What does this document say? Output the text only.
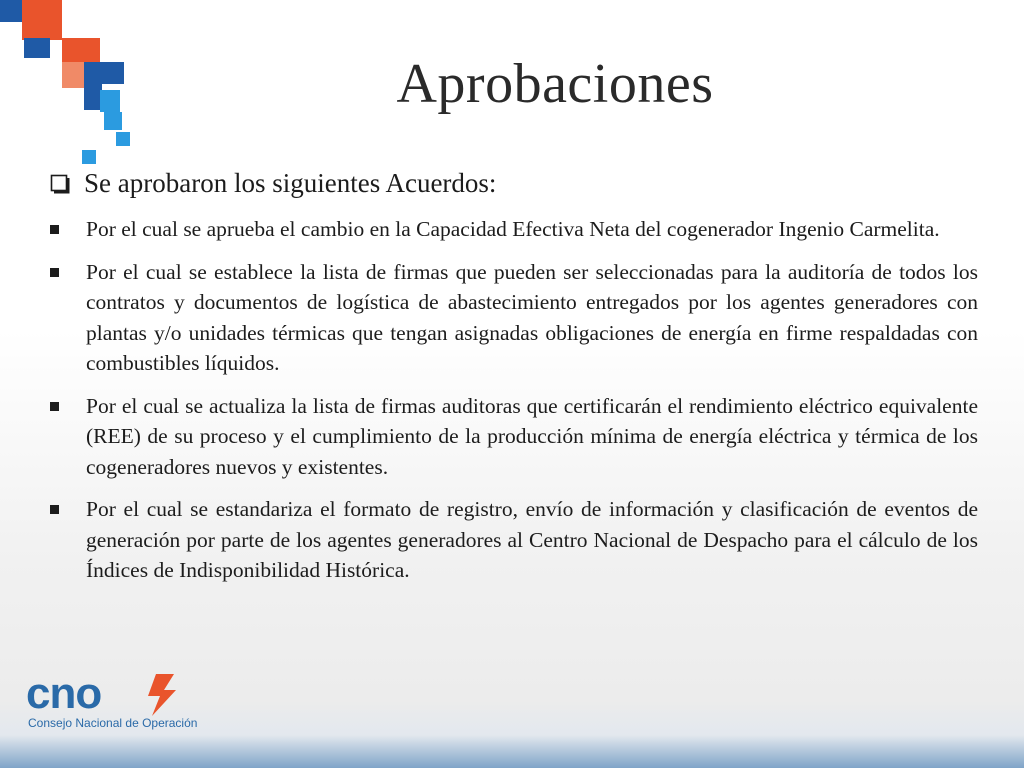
Aprobaciones
Se aprobaron los siguientes Acuerdos:
Por el cual se aprueba el cambio en la Capacidad Efectiva Neta del cogenerador Ingenio Carmelita.
Por el cual se establece la lista de firmas que pueden ser seleccionadas para la auditoría de todos los contratos y documentos de logística de abastecimiento entregados por los agentes generadores con plantas y/o unidades térmicas que tengan asignadas obligaciones de energía en firme respaldadas con combustibles líquidos.
Por el cual se actualiza la lista de firmas auditoras que certificarán el rendimiento eléctrico equivalente (REE) de su proceso y el cumplimiento de la producción mínima de energía eléctrica y térmica de los cogeneradores nuevos y existentes.
Por el cual se estandariza el formato de registro, envío de información y clasificación de eventos de generación por parte de los agentes generadores al Centro Nacional de Despacho para el cálculo de los Índices de Indisponibilidad Histórica.
cno
Consejo Nacional de Operación
